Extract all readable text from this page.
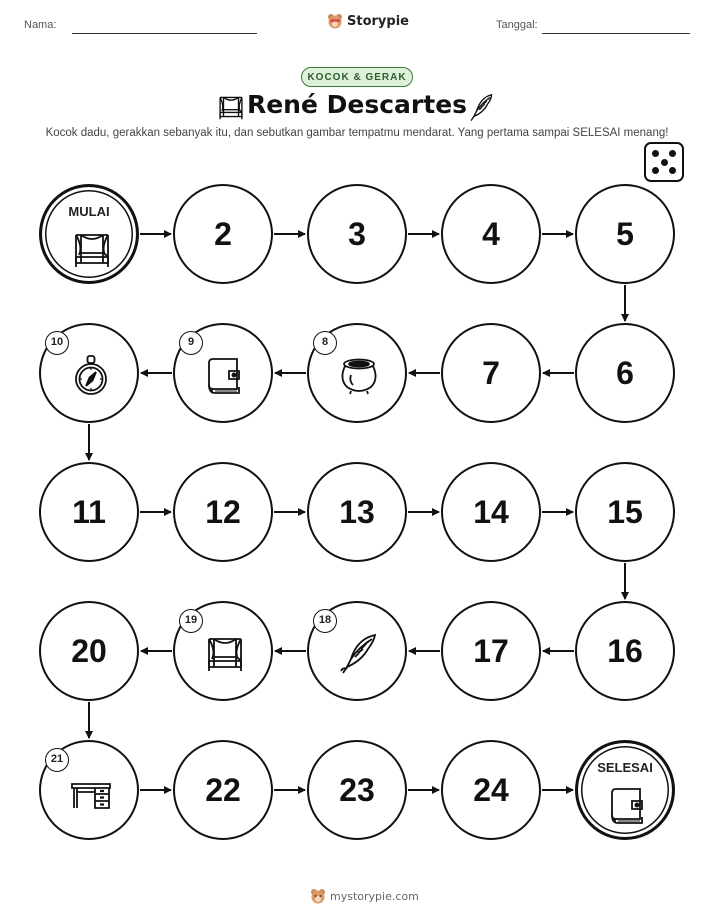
Nama:	Storypie	Tanggal:
KOCOK & GERAK
René Descartes
Kocok dadu, gerakkan sebanyak itu, dan sebutkan gambar tempatmu mendarat. Yang pertama sampai SELESAI menang!
MULAI
2	3	4	5
6
7
8
9
10
11	12	13	14	15
16
17
18
19
20
21
22	23	24
SELESAI
mystorypie.com
